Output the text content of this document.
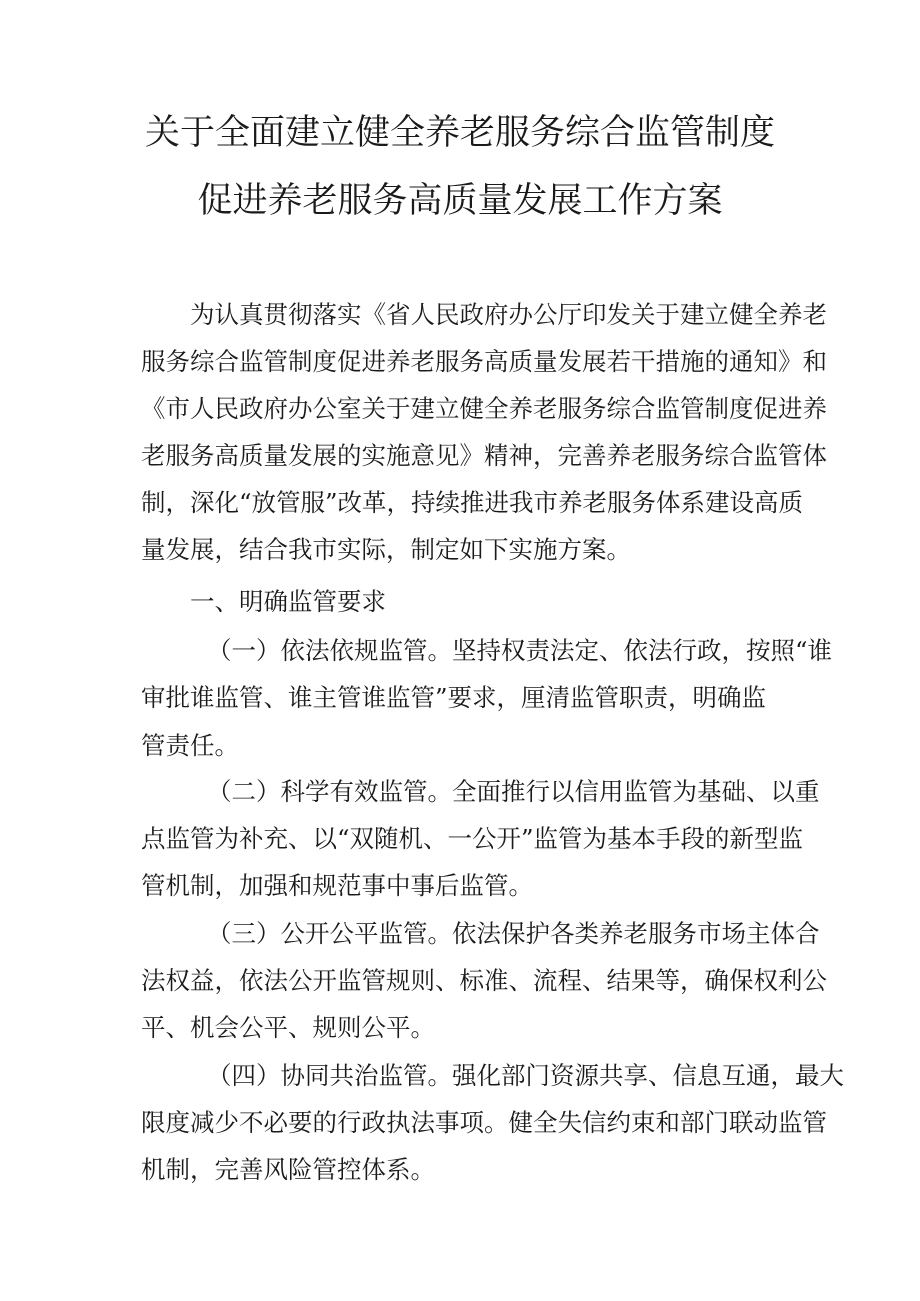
关于全面建立健全养老服务综合监管制度
促进养老服务高质量发展工作方案

为认真贯彻落实《省人民政府办公厅印发关于建立健全养老
服务综合监管制度促进养老服务高质量发展若干措施的通知》和
《市人民政府办公室关于建立健全养老服务综合监管制度促进养
老服务高质量发展的实施意见》精神，完善养老服务综合监管体
制，深化“放管服”改革，持续推进我市养老服务体系建设高质
量发展，结合我市实际，制定如下实施方案。

一、明确监管要求

（一）依法依规监管。坚持权责法定、依法行政，按照“谁
审批谁监管、谁主管谁监管”要求，厘清监管职责，明确监
管责任。

（二）科学有效监管。全面推行以信用监管为基础、以重
点监管为补充、以“双随机、一公开”监管为基本手段的新型监
管机制，加强和规范事中事后监管。

（三）公开公平监管。依法保护各类养老服务市场主体合
法权益，依法公开监管规则、标准、流程、结果等，确保权利公
平、机会公平、规则公平。

（四）协同共治监管。强化部门资源共享、信息互通，最大
限度减少不必要的行政执法事项。健全失信约束和部门联动监管
机制，完善风险管控体系。
